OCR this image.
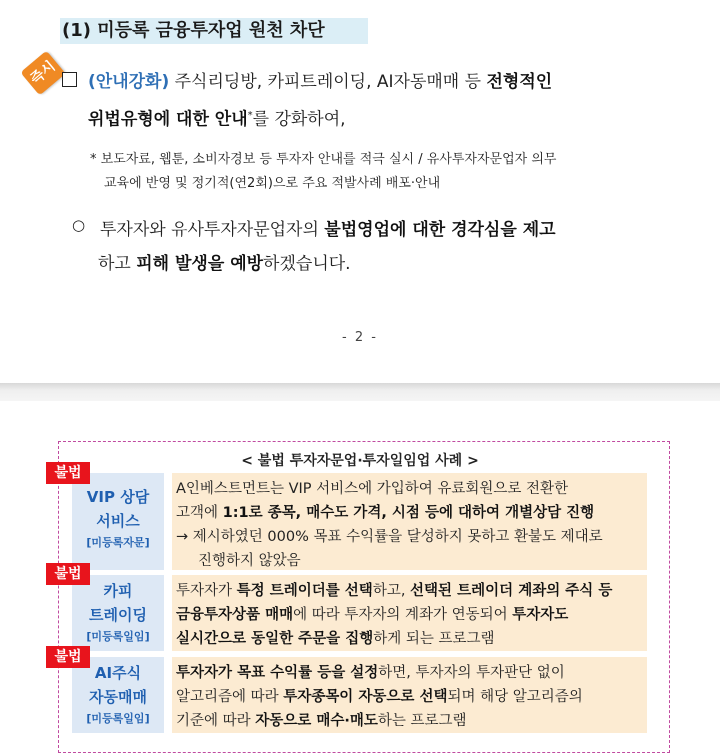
(1) 미등록 금융투자업 원천 차단
즉시	(안내강화) 주식리딩방, 카피트레이딩, AI자동매매 등 전형적인
위법유형에 대한 안내*를 강화하여,
* 보도자료, 웹툰, 소비자경보 등 투자자 안내를 적극 실시 / 유사투자자문업자 의무
교육에 반영 및 정기적(연2회)으로 주요 적발사례 배포·안내
○ 투자자와 유사투자자문업자의 불법영업에 대한 경각심을 제고
하고 피해 발생을 예방하겠습니다.
- 2 -
< 불법 투자자문업·투자일임업 사례 >
VIP 상담
서비스
[미등록자문]
A인베스트먼트는 VIP 서비스에 가입하여 유료회원으로 전환한
고객에 1:1로 종목, 매수도 가격, 시점 등에 대하여 개별상담 진행
→ 제시하였던 000% 목표 수익률을 달성하지 못하고 환불도 제대로
진행하지 않았음
불법
카피
트레이딩
[미등록일임]
투자자가 특정 트레이더를 선택하고, 선택된 트레이더 계좌의 주식 등
금융투자상품 매매에 따라 투자자의 계좌가 연동되어 투자자도
실시간으로 동일한 주문을 집행하게 되는 프로그램
불법
AI주식
자동매매
[미등록일임]
투자자가 목표 수익률 등을 설정하면, 투자자의 투자판단 없이
알고리즘에 따라 투자종목이 자동으로 선택되며 해당 알고리즘의
기준에 따라 자동으로 매수·매도하는 프로그램
불법
